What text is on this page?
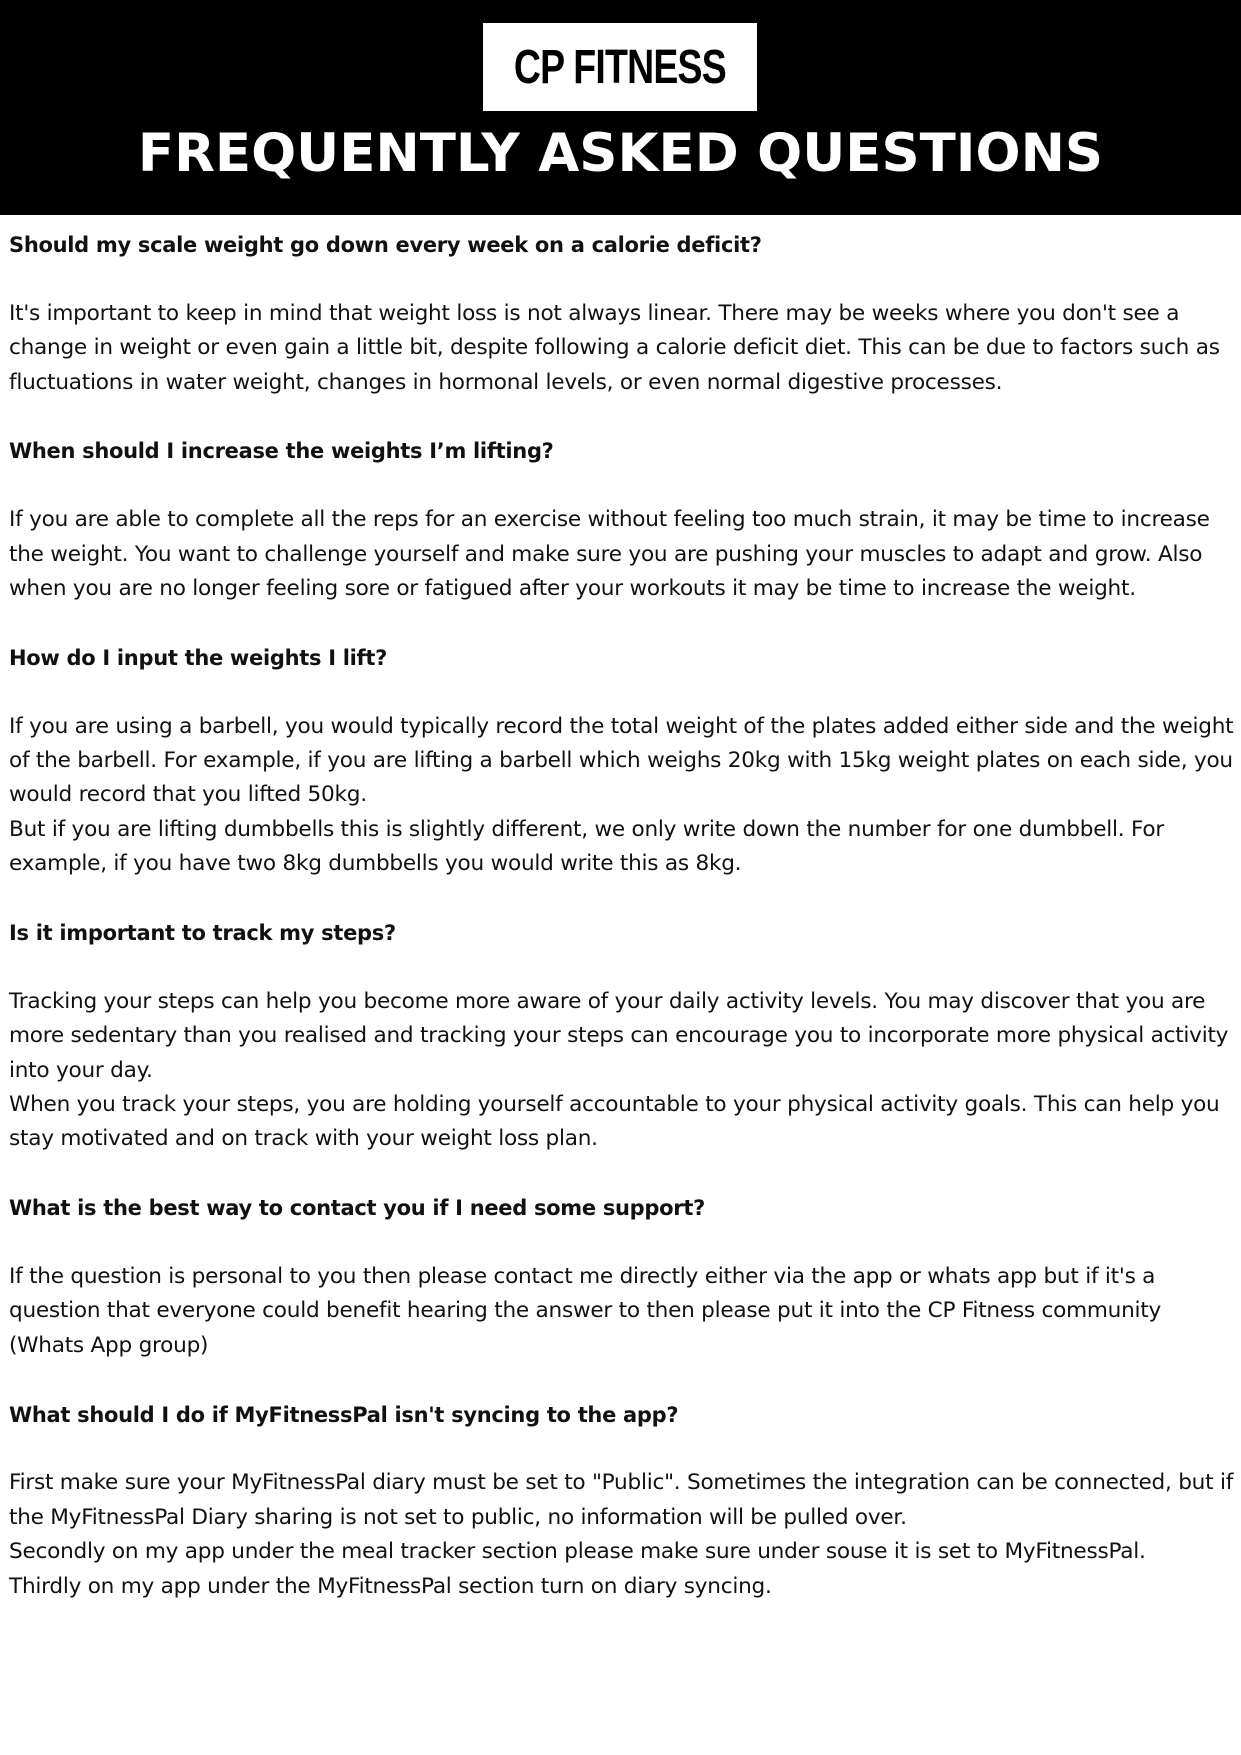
CP FITNESS
FREQUENTLY ASKED QUESTIONS
Should my scale weight go down every week on a calorie deficit?

It's important to keep in mind that weight loss is not always linear. There may be weeks where you don't see a change in weight or even gain a little bit, despite following a calorie deficit diet. This can be due to factors such as fluctuations in water weight, changes in hormonal levels, or even normal digestive processes.

When should I increase the weights I’m lifting?

If you are able to complete all the reps for an exercise without feeling too much strain, it may be time to increase the weight. You want to challenge yourself and make sure you are pushing your muscles to adapt and grow. Also when you are no longer feeling sore or fatigued after your workouts it may be time to increase the weight.

How do I input the weights I lift?

If you are using a barbell, you would typically record the total weight of the plates added either side and the weight of the barbell. For example, if you are lifting a barbell which weighs 20kg with 15kg weight plates on each side, you would record that you lifted 50kg.
But if you are lifting dumbbells this is slightly different, we only write down the number for one dumbbell. For example, if you have two 8kg dumbbells you would write this as 8kg.

Is it important to track my steps?

Tracking your steps can help you become more aware of your daily activity levels. You may discover that you are more sedentary than you realised and tracking your steps can encourage you to incorporate more physical activity into your day.
When you track your steps, you are holding yourself accountable to your physical activity goals. This can help you stay motivated and on track with your weight loss plan.

What is the best way to contact you if I need some support?

If the question is personal to you then please contact me directly either via the app or whats app but if it's a question that everyone could benefit hearing the answer to then please put it into the CP Fitness community (Whats App group)

What should I do if MyFitnessPal isn't syncing to the app?

First make sure your MyFitnessPal diary must be set to "Public". Sometimes the integration can be connected, but if the MyFitnessPal Diary sharing is not set to public, no information will be pulled over.
Secondly on my app under the meal tracker section please make sure under souse it is set to MyFitnessPal.
Thirdly on my app under the MyFitnessPal section turn on diary syncing.
